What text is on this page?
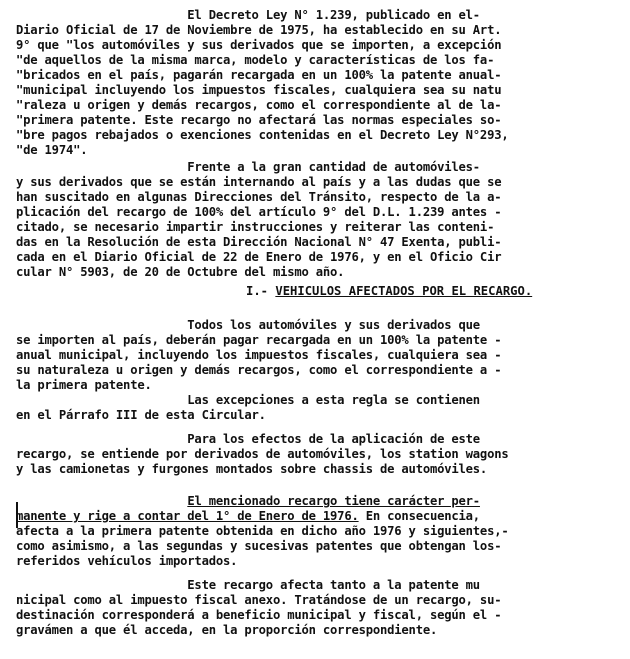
El Decreto Ley N° 1.239, publicado en el-
Diario Oficial de 17 de Noviembre de 1975, ha establecido en su Art.
9° que "los automóviles y sus derivados que se importen, a excepción
"de aquellos de la misma marca, modelo y características de los fa-
"bricados en el país, pagarán recargada en un 100% la patente anual-
"municipal incluyendo los impuestos fiscales, cualquiera sea su natu
"raleza u origen y demás recargos, como el correspondiente al de la-
"primera patente. Este recargo no afectará las normas especiales so-
"bre pagos rebajados o exenciones contenidas en el Decreto Ley N°293,
"de 1974".
Frente a la gran cantidad de automóviles-
y sus derivados que se están internando al país y a las dudas que se
han suscitado en algunas Direcciones del Tránsito, respecto de la a-
plicación del recargo de 100% del artículo 9° del D.L. 1.239 antes -
citado, se necesario impartir instrucciones y reiterar las conteni-
das en la Resolución de esta Dirección Nacional N° 47 Exenta, publi-
cada en el Diario Oficial de 22 de Enero de 1976, y en el Oficio Cir
cular N° 5903, de 20 de Octubre del mismo año.
I.- VEHICULOS AFECTADOS POR EL RECARGO.
Todos los automóviles y sus derivados que
se importen al país, deberán pagar recargada en un 100% la patente -
anual municipal, incluyendo los impuestos fiscales, cualquiera sea -
su naturaleza u origen y demás recargos, como el correspondiente a -
la primera patente.
Las excepciones a esta regla se contienen
en el Párrafo III de esta Circular.
Para los efectos de la aplicación de este
recargo, se entiende por derivados de automóviles, los station wagons
y las camionetas y furgones montados sobre chassis de automóviles.
El mencionado recargo tiene carácter per-
manente y rige a contar del 1° de Enero de 1976. En consecuencia,
afecta a la primera patente obtenida en dicho año 1976 y siguientes,-
como asimismo, a las segundas y sucesivas patentes que obtengan los-
referidos vehículos importados.
Este recargo afecta tanto a la patente mu
nicipal como al impuesto fiscal anexo. Tratándose de un recargo, su-
destinación corresponderá a beneficio municipal y fiscal, según el -
gravámen a que él acceda, en la proporción correspondiente.
